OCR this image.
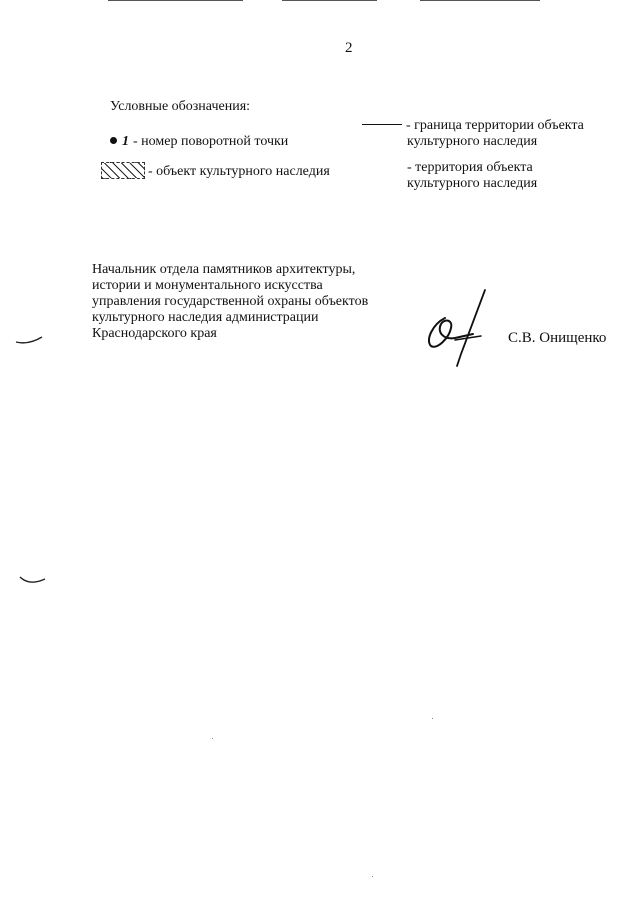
2
Условные обозначения:
1 - номер поворотной точки
- объект культурного наследия
- граница территории объекта
культурного наследия
- территория объекта
культурного наследия
Начальник отдела памятников архитектуры,
истории и монументального искусства
управления государственной охраны объектов
культурного наследия администрации
Краснодарского края	С.В. Онищенко
